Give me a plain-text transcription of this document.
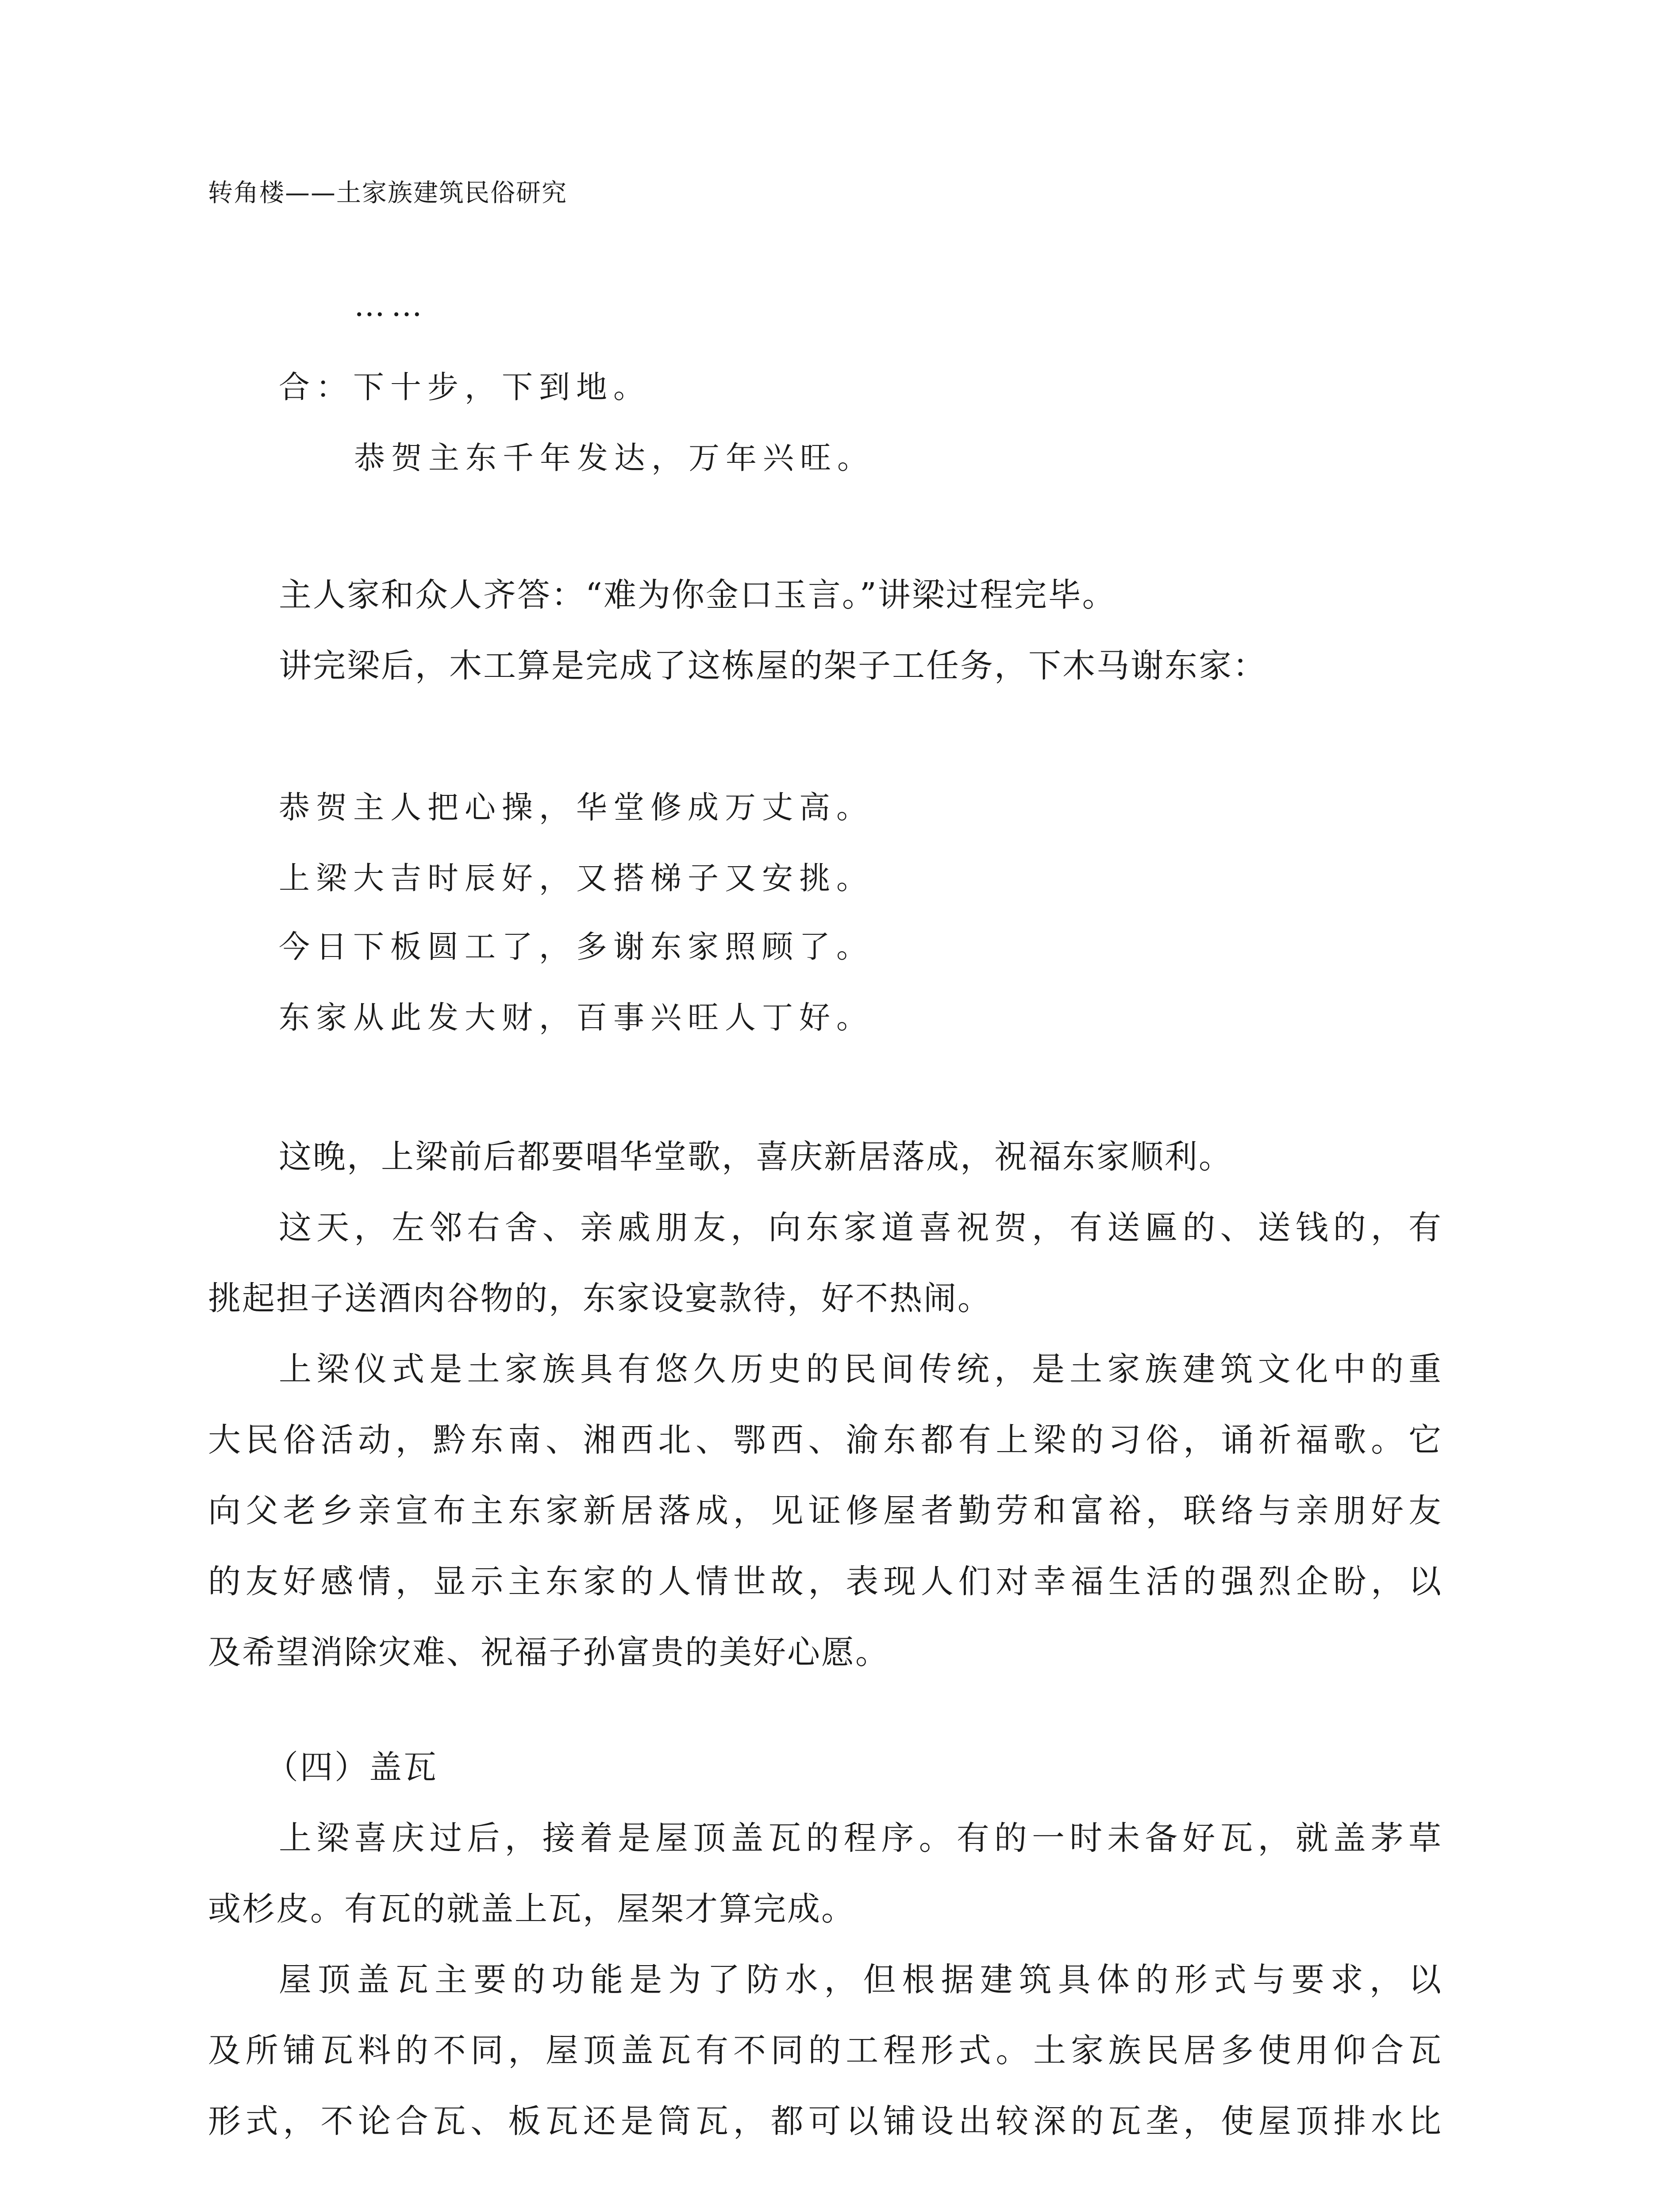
转角楼——土家族建筑民俗研究
……
合：下十步，下到地。
恭贺主东千年发达，万年兴旺。
主人家和众人齐答：“难为你金口玉言。”讲梁过程完毕。
讲完梁后，木工算是完成了这栋屋的架子工任务，下木马谢东家：
恭贺主人把心操，华堂修成万丈高。
上梁大吉时辰好，又搭梯子又安挑。
今日下板圆工了，多谢东家照顾了。
东家从此发大财，百事兴旺人丁好。
这晚，上梁前后都要唱华堂歌，喜庆新居落成，祝福东家顺利。
这天，左邻右舍、亲戚朋友，向东家道喜祝贺，有送匾的、送钱的，有
挑起担子送酒肉谷物的，东家设宴款待，好不热闹。
上梁仪式是土家族具有悠久历史的民间传统，是土家族建筑文化中的重
大民俗活动，黔东南、湘西北、鄂西、渝东都有上梁的习俗，诵祈福歌。它
向父老乡亲宣布主东家新居落成，见证修屋者勤劳和富裕，联络与亲朋好友
的友好感情，显示主东家的人情世故，表现人们对幸福生活的强烈企盼，以
及希望消除灾难、祝福子孙富贵的美好心愿。
（四）盖瓦
上梁喜庆过后，接着是屋顶盖瓦的程序。有的一时未备好瓦，就盖茅草
或杉皮。有瓦的就盖上瓦，屋架才算完成。
屋顶盖瓦主要的功能是为了防水，但根据建筑具体的形式与要求，以
及所铺瓦料的不同，屋顶盖瓦有不同的工程形式。土家族民居多使用仰合瓦
形式，不论合瓦、板瓦还是筒瓦，都可以铺设出较深的瓦垄，使屋顶排水比
